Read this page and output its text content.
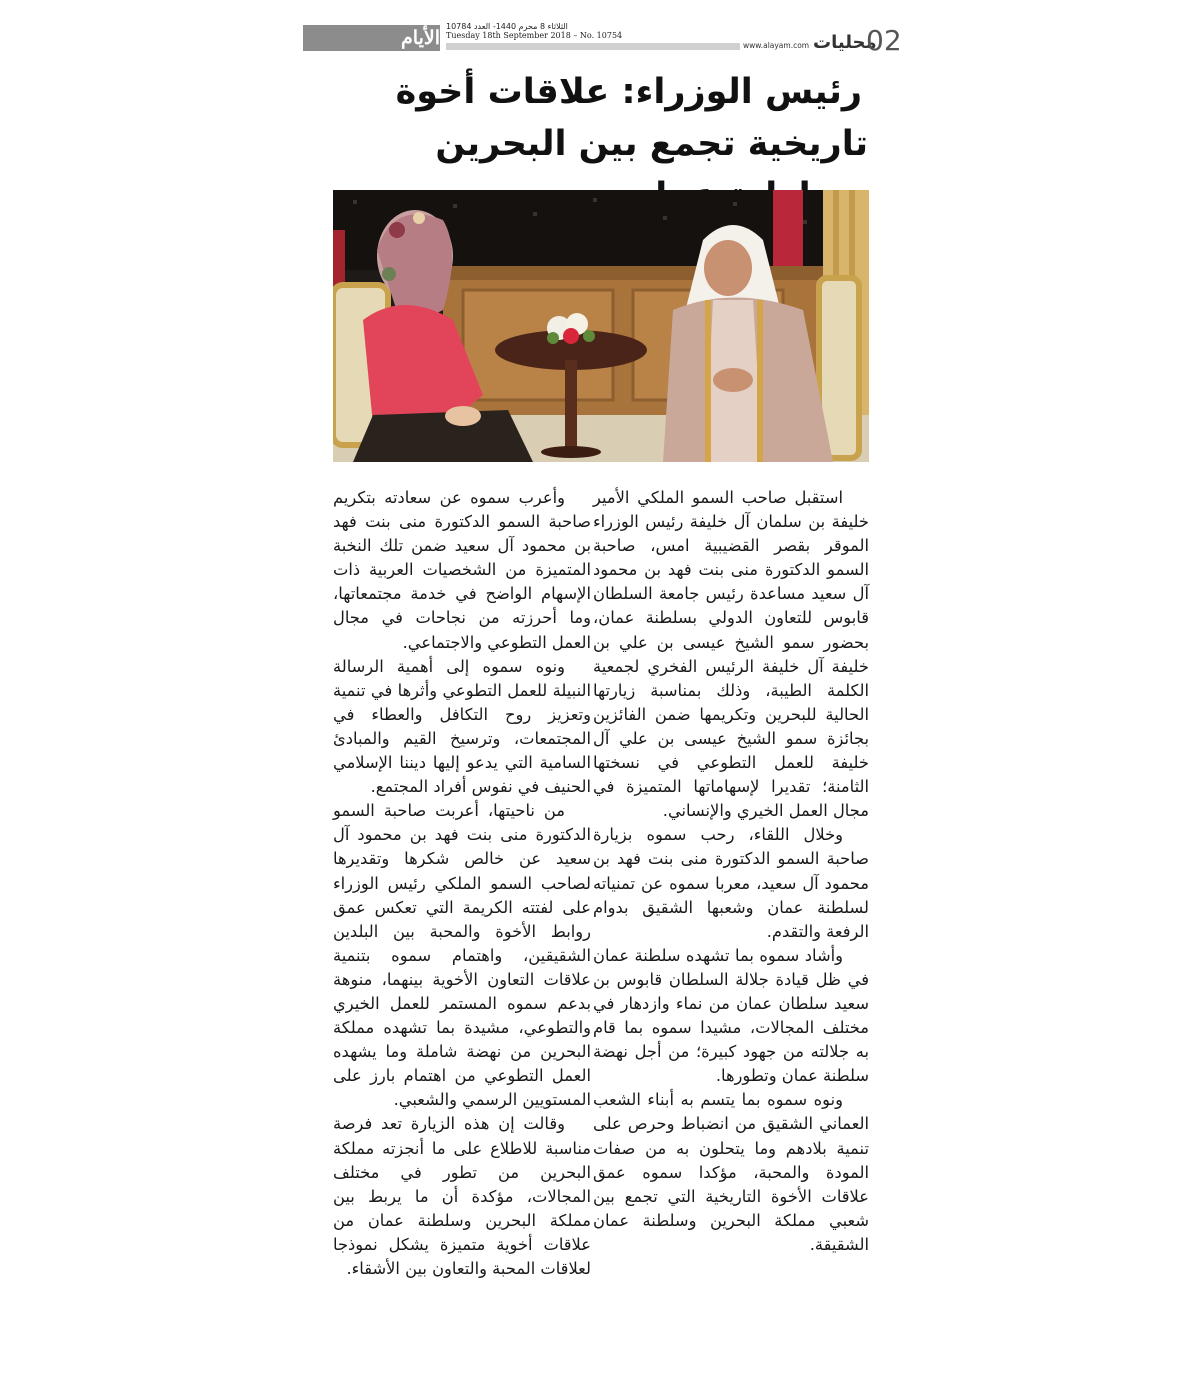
الأيام
الثلاثاء 8 محرم 1440- العدد 10784
Tuesday 18th September 2018 – No. 10754
www.alayam.com محليات
02
رئيس الوزراء: علاقات أخوة
تاريخية تجمع بين البحرين

استقبل صاحب السمو الملكي الأمير خليفة بن سلمان آل خليفة رئيس الوزراء الموقر بقصر القضيبية امس، صاحبة السمو الدكتورة منى بنت فهد بن محمود آل سعيد مساعدة رئيس جامعة السلطان قابوس للتعاون الدولي بسلطنة عمان، بحضور سمو الشيخ عيسى بن علي بن خليفة آل خليفة الرئيس الفخري لجمعية الكلمة الطيبة، وذلك بمناسبة زيارتها الحالية للبحرين وتكريمها ضمن الفائزين بجائزة سمو الشيخ عيسى بن علي آل خليفة للعمل التطوعي في نسختها الثامنة؛ تقديرا لإسهاماتها المتميزة في مجال العمل الخيري والإنساني.

وخلال اللقاء، رحب سموه بزيارة صاحبة السمو الدكتورة منى بنت فهد بن محمود آل سعيد، معربا سموه عن تمنياته لسلطنة عمان وشعبها الشقيق بدوام الرفعة والتقدم.

وأشاد سموه بما تشهده سلطنة عمان في ظل قيادة جلالة السلطان قابوس بن سعيد سلطان عمان من نماء وازدهار في مختلف المجالات، مشيدا سموه بما قام به جلالته من جهود كبيرة؛ من أجل نهضة سلطنة عمان وتطورها.

ونوه سموه بما يتسم به أبناء الشعب العماني الشقيق من انضباط وحرص على تنمية بلادهم وما يتحلون به من صفات المودة والمحبة، مؤكدا سموه عمق علاقات الأخوة التاريخية التي تجمع بين شعبي مملكة البحرين وسلطنة عمان الشقيقة.

وأعرب سموه عن سعادته بتكريم صاحبة السمو الدكتورة منى بنت فهد بن محمود آل سعيد ضمن تلك النخبة المتميزة من الشخصيات العربية ذات الإسهام الواضح في خدمة مجتمعاتها، وما أحرزته من نجاحات في مجال العمل التطوعي والاجتماعي.

ونوه سموه إلى أهمية الرسالة النبيلة للعمل التطوعي وأثرها في تنمية وتعزيز روح التكافل والعطاء في المجتمعات، وترسيخ القيم والمبادئ السامية التي يدعو إليها ديننا الإسلامي الحنيف في نفوس أفراد المجتمع.

من ناحيتها، أعربت صاحبة السمو الدكتورة منى بنت فهد بن محمود آل سعيد عن خالص شكرها وتقديرها لصاحب السمو الملكي رئيس الوزراء على لفتته الكريمة التي تعكس عمق روابط الأخوة والمحبة بين البلدين الشقيقين، واهتمام سموه بتنمية علاقات التعاون الأخوية بينهما، منوهة بدعم سموه المستمر للعمل الخيري والتطوعي، مشيدة بما تشهده مملكة البحرين من نهضة شاملة وما يشهده العمل التطوعي من اهتمام بارز على المستويين الرسمي والشعبي.

وقالت إن هذه الزيارة تعد فرصة مناسبة للاطلاع على ما أنجزته مملكة البحرين من تطور في مختلف المجالات، مؤكدة أن ما يربط بين مملكة البحرين وسلطنة عمان من علاقات أخوية متميزة يشكل نموذجا لعلاقات المحبة والتعاون بين الأشقاء.
